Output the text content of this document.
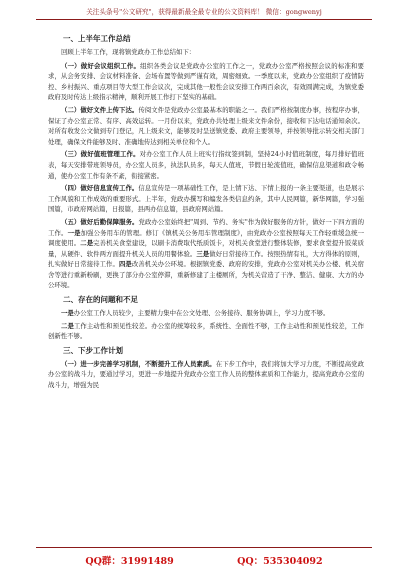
关注头条号"公文研究"，获得最新最全最专业的公文资料库！ 微信：gongwenyj
一、上半年工作总结

回顾上半年工作，现将镇党政办工作总结如下：

（一）做好会议组织工作。组织各类会议是党政办公室的工作之一，党政办公室严格按照会议的标准和要求，从会务安排、会议材料准备、会场布置等做到严谨有效，周密细致。一季度以来，党政办公室组织了疫情防控、乡村振兴、重点项目等大型工作会议次，完成其他一般性会议安排工作两百余次，有效圆满完成，为镇党委政府及时传达上级指示精神，顺利开展工作打下坚实的基础。

（二）做好文件上传下达。传阅文件是党政办公室最基本的职能之一。我们严格按制度办事，按程序办事，保证了办公室正常、有序、高效运转。一月份以来，党政办共处理上级来文件余份，接收和下达电话通知余次。对所有收发公文做到专门登记，凡上级来文，能够及时呈送镇党委、政府主要领导，并按领导批示转交相关部门处理，确保文件能够及时、准确地传达到相关单位和个人。

（三）做好值班管理工作。对办公室工作人员上班实行指纹签到制，坚持24小时值班制度，每月排好值班表，每天安排带班领导员，办公室人员多，执法队员多，每天人值班，节假日轮流值班，确保信息渠道和政令畅通，使办公室工作有条不紊，衔接紧密。

（四）做好信息宣传工作。信息宣传是一项基础性工作，是上情下达、下情上报的一条主要渠道，也是展示工作风貌和工作成效的重要形式。上半年，党政办撰写和编发各类信息约条，其中人民网篇，新华网篇，学习强国篇，市政府网站篇，日报篇，县两办信息篇，县政府网站篇。

（五）做好后勤保障服务。党政办公室始终把"周到、节约、务实"作为做好服务的方针，做好一下四方面的工作。一是加强公务用车的管理。修订《镇机关公务用车管理制度》，由党政办公室按照每天工作轻重缓急统一调度使用。二是完善机关食堂建设，以刷卡消费取代纸质饭卡，对机关食堂进行整体装修，要求食堂提升饭菜质量，从硬件、软件两方面提升机关人员的用餐体验。三是做好日常接待工作。按照热情有礼，大方得体的原则，扎实做好日常接待工作。四是改善机关办公环境。根据镇党委、政府的安排，党政办公室对机关办公楼、机关宿舍等进行重新粉刷，更换了部分办公室停滞，重新修建了主楼厕所，为机关营造了干净、整洁、健康、大方的办公环境。

二、存在的问题和不足

一是办公室工作人员较少，主要精力集中在公文处理、公务接待、服务协调上，学习力度不够。

二是工作主动性和预见性较差。办公室的统筹较多，系统性、全面性不够，工作主动性和预见性较差，工作创新性不够。

三、下步工作计划

（一）进一步完善学习机制，不断提升工作人员素质。在下步工作中，我们将加大学习力度，不断提高党政办公室的战斗力，要通过学习，更进一步地提升党政办公室工作人员的整体素质和工作能力，提高党政办公室的战斗力，增强为民

QQ群：31991489	QQ：535304092
